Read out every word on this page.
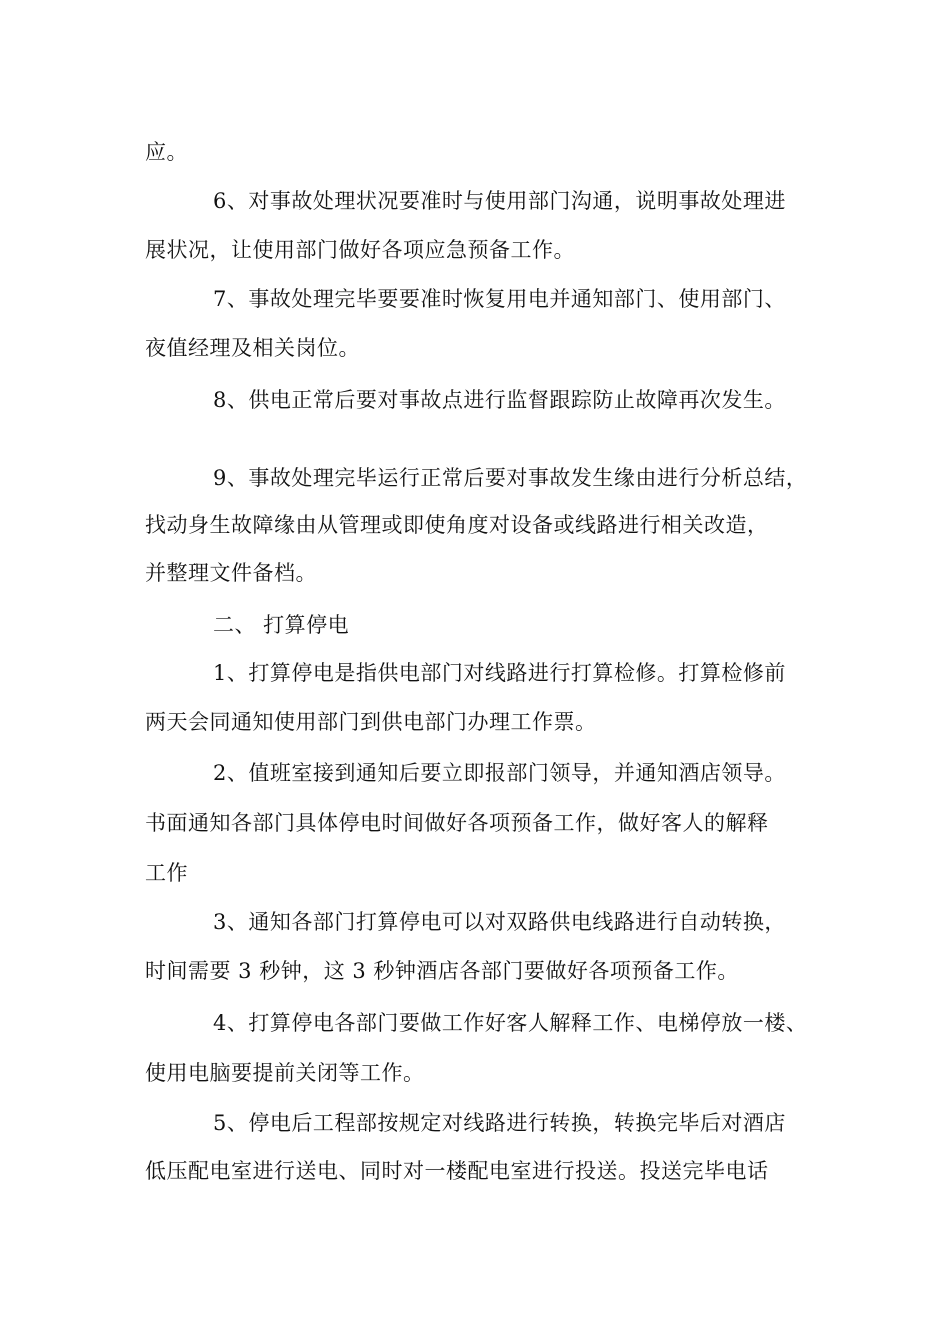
应。
6、对事故处理状况要准时与使用部门沟通，说明事故处理进
展状况，让使用部门做好各项应急预备工作。
7、事故处理完毕要要准时恢复用电并通知部门、使用部门、
夜值经理及相关岗位。
8、供电正常后要对事故点进行监督跟踪防止故障再次发生。
9、事故处理完毕运行正常后要对事故发生缘由进行分析总结，
找动身生故障缘由从管理或即使角度对设备或线路进行相关改造，
并整理文件备档。
二、 打算停电
1、打算停电是指供电部门对线路进行打算检修。打算检修前
两天会同通知使用部门到供电部门办理工作票。
2、值班室接到通知后要立即报部门领导，并通知酒店领导。
书面通知各部门具体停电时间做好各项预备工作，做好客人的解释
工作
3、通知各部门打算停电可以对双路供电线路进行自动转换，
时间需要 3 秒钟，这 3 秒钟酒店各部门要做好各项预备工作。
4、打算停电各部门要做工作好客人解释工作、电梯停放一楼、
使用电脑要提前关闭等工作。
5、停电后工程部按规定对线路进行转换，转换完毕后对酒店
低压配电室进行送电、同时对一楼配电室进行投送。投送完毕电话
